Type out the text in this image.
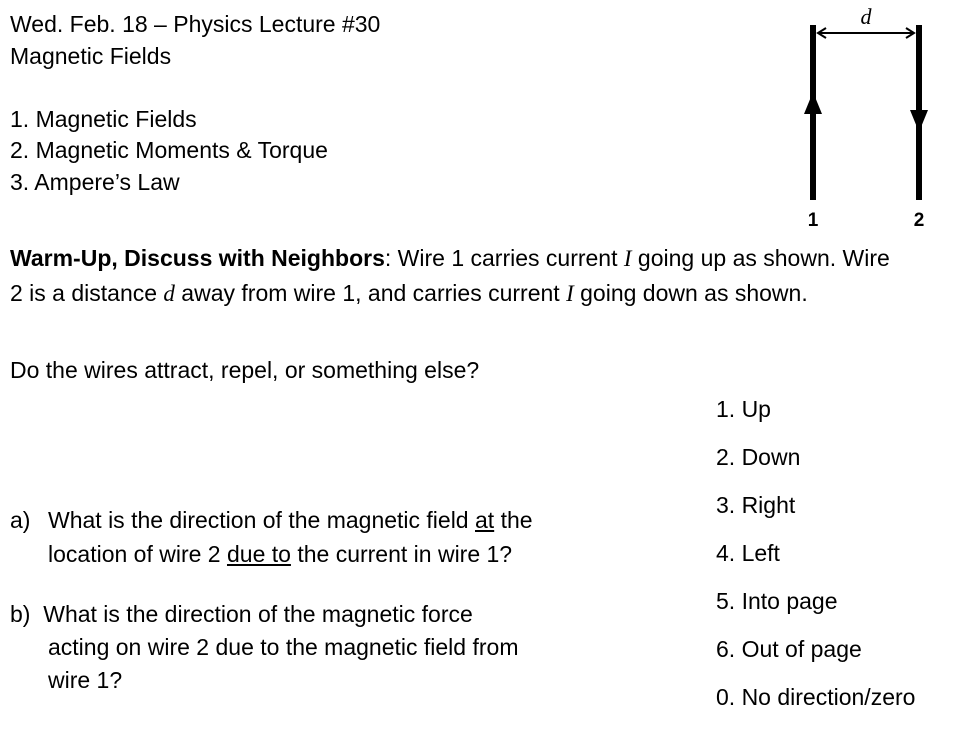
Wed. Feb. 18 – Physics Lecture #30
Magnetic Fields
1. Magnetic Fields
2. Magnetic Moments & Torque
3. Ampere’s Law
d
1	2
Warm-Up, Discuss with Neighbors: Wire 1 carries current I going up as shown. Wire 2 is a distance d away from wire 1, and carries current I going down as shown.
Do the wires attract, repel, or something else?
1. Up
2. Down
3. Right
4. Left
5. Into page
6. Out of page
0. No direction/zero
a) What is the direction of the magnetic field at the
location of wire 2 due to the current in wire 1?
b)  What is the direction of the magnetic force
acting on wire 2 due to the magnetic field from
wire 1?
